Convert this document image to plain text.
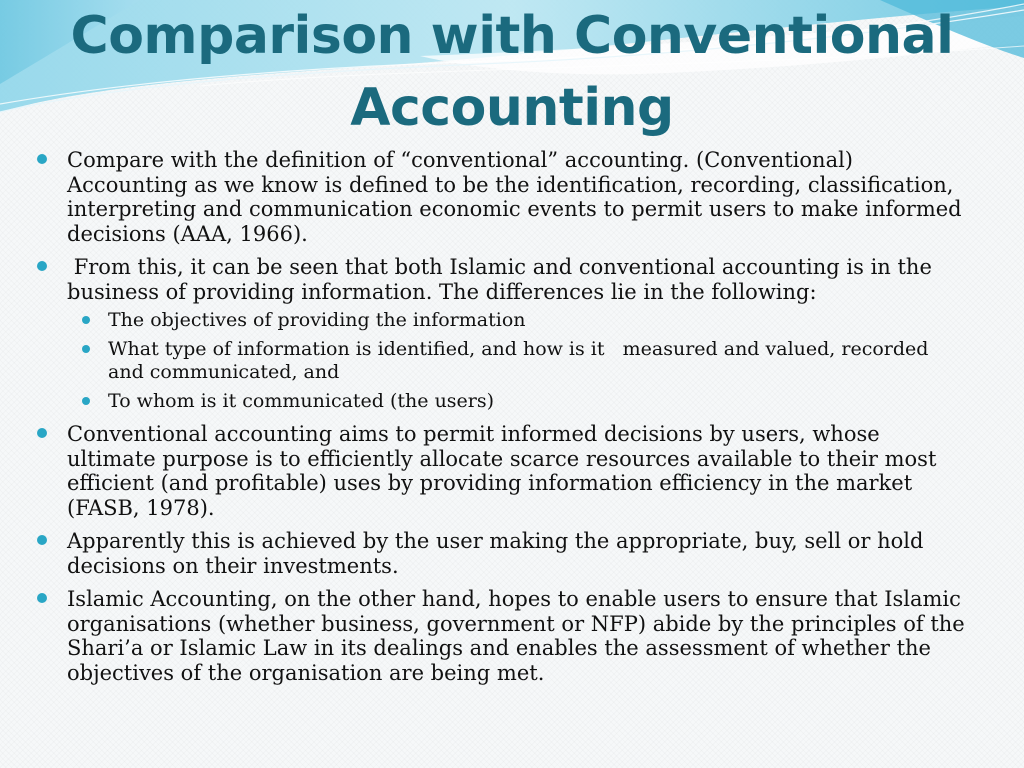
Comparison with Conventional
Accounting
Compare with the definition of “conventional” accounting. (Conventional) Accounting as we know is defined to be the identification, recording, classification, interpreting and communication economic events to permit users to make informed decisions (AAA, 1966).
From this, it can be seen that both Islamic and conventional accounting is in the business of providing information. The differences lie in the following:
The objectives of providing the information
What type of information is identified, and how is it   measured and valued, recorded and communicated, and
To whom is it communicated (the users)
Conventional accounting aims to permit informed decisions by users, whose ultimate purpose is to efficiently allocate scarce resources available to their most efficient (and profitable) uses by providing information efficiency in the market (FASB, 1978).
Apparently this is achieved by the user making the appropriate, buy, sell or hold decisions on their investments.
Islamic Accounting, on the other hand, hopes to enable users to ensure that Islamic organisations (whether business, government or NFP) abide by the principles of the Shari’a or Islamic Law in its dealings and enables the assessment of whether the objectives of the organisation are being met.
